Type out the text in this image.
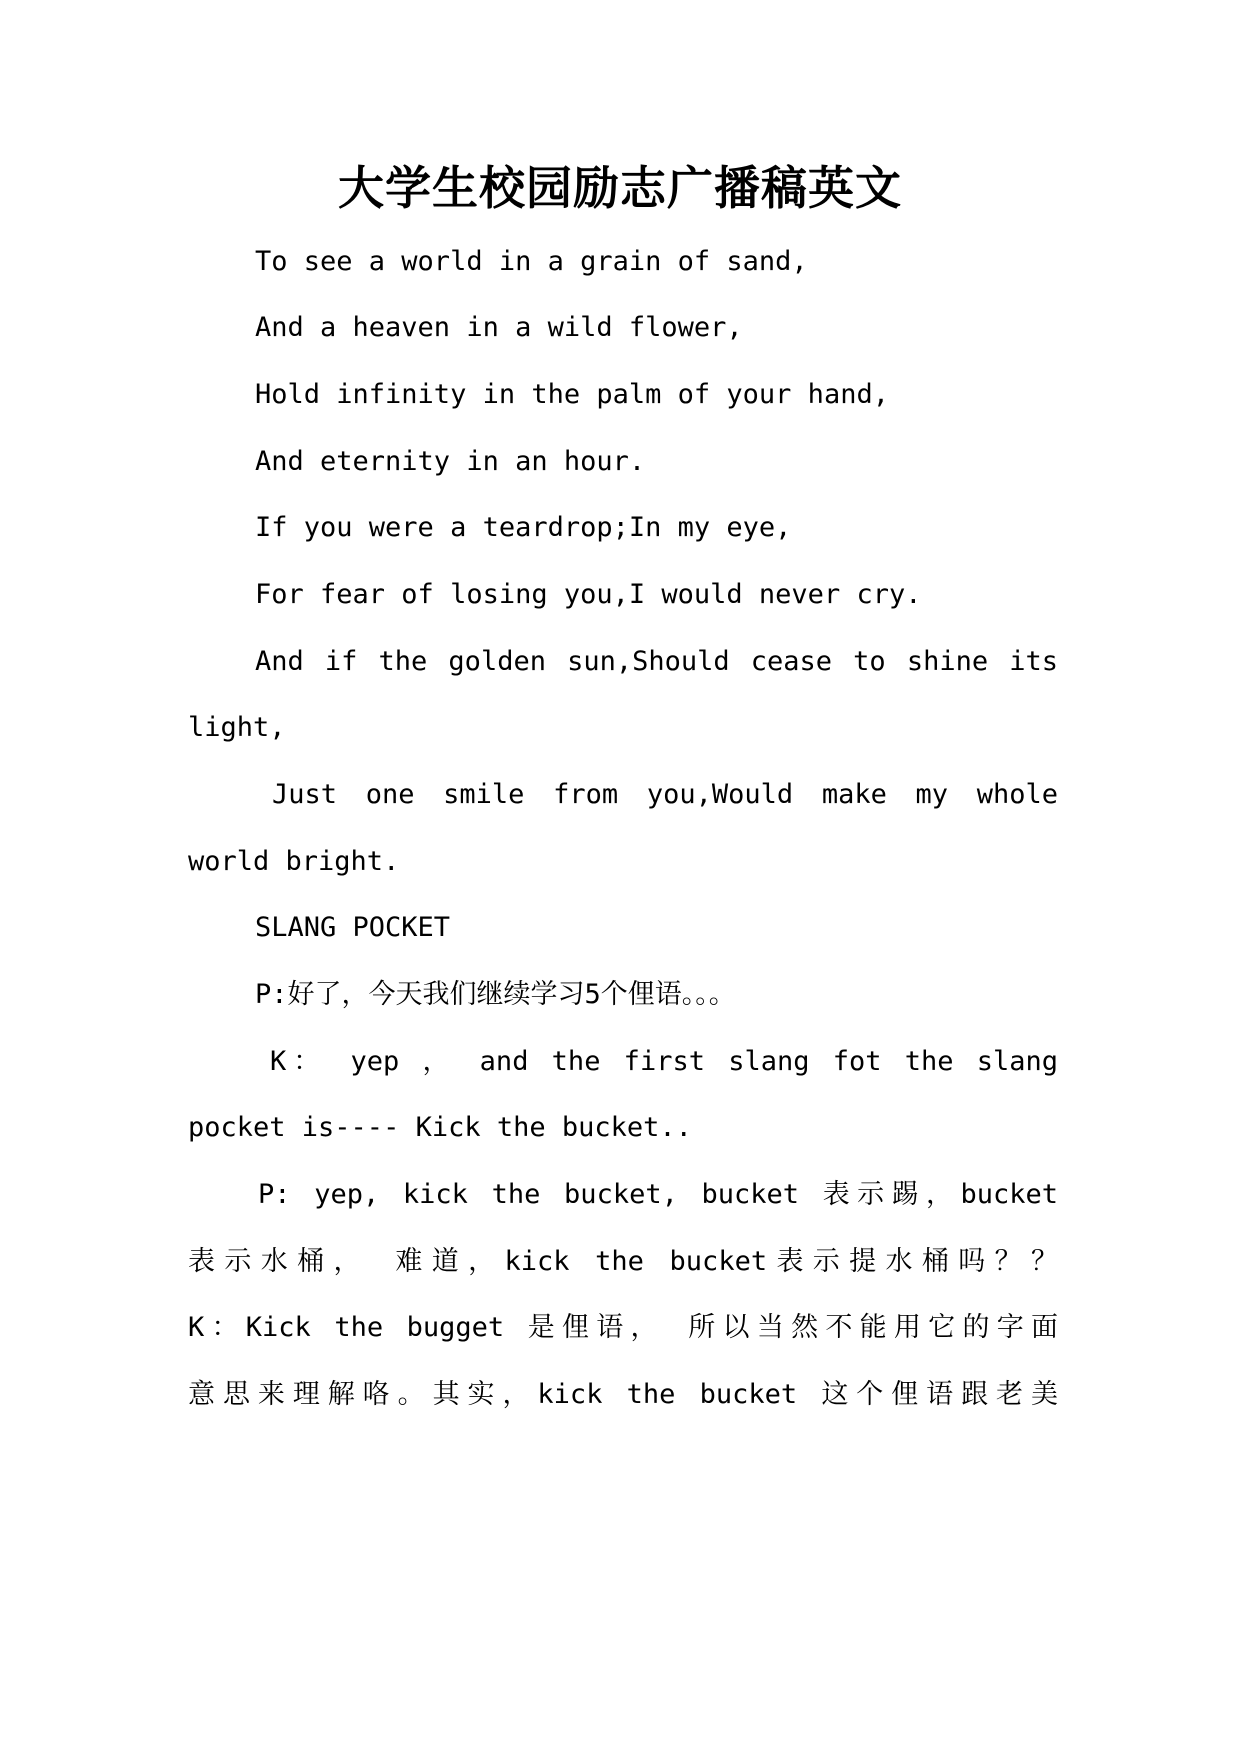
大学生校园励志广播稿英文
To see a world in a grain of sand,
And a heaven in a wild flower,
Hold infinity in the palm of your hand,
And eternity in an hour.
If you were a teardrop;In my eye,
For fear of losing you,I would never cry.
And if the golden sun,Should cease to shine its
light,
Just one smile from you,Would make my whole
world bright.
SLANG POCKET
P:好了，今天我们继续学习5个俚语。。。
K： yep ， and the first slang fot the slang
pocket is---- Kick the bucket..
P: yep, kick the bucket, bucket 表示踢，bucket
表示水桶， 难道，kick the bucket表示提水桶吗？？
K：Kick the bugget 是俚语， 所以当然不能用它的字面
意思来理解咯。其实，kick the bucket 这个俚语跟老美
